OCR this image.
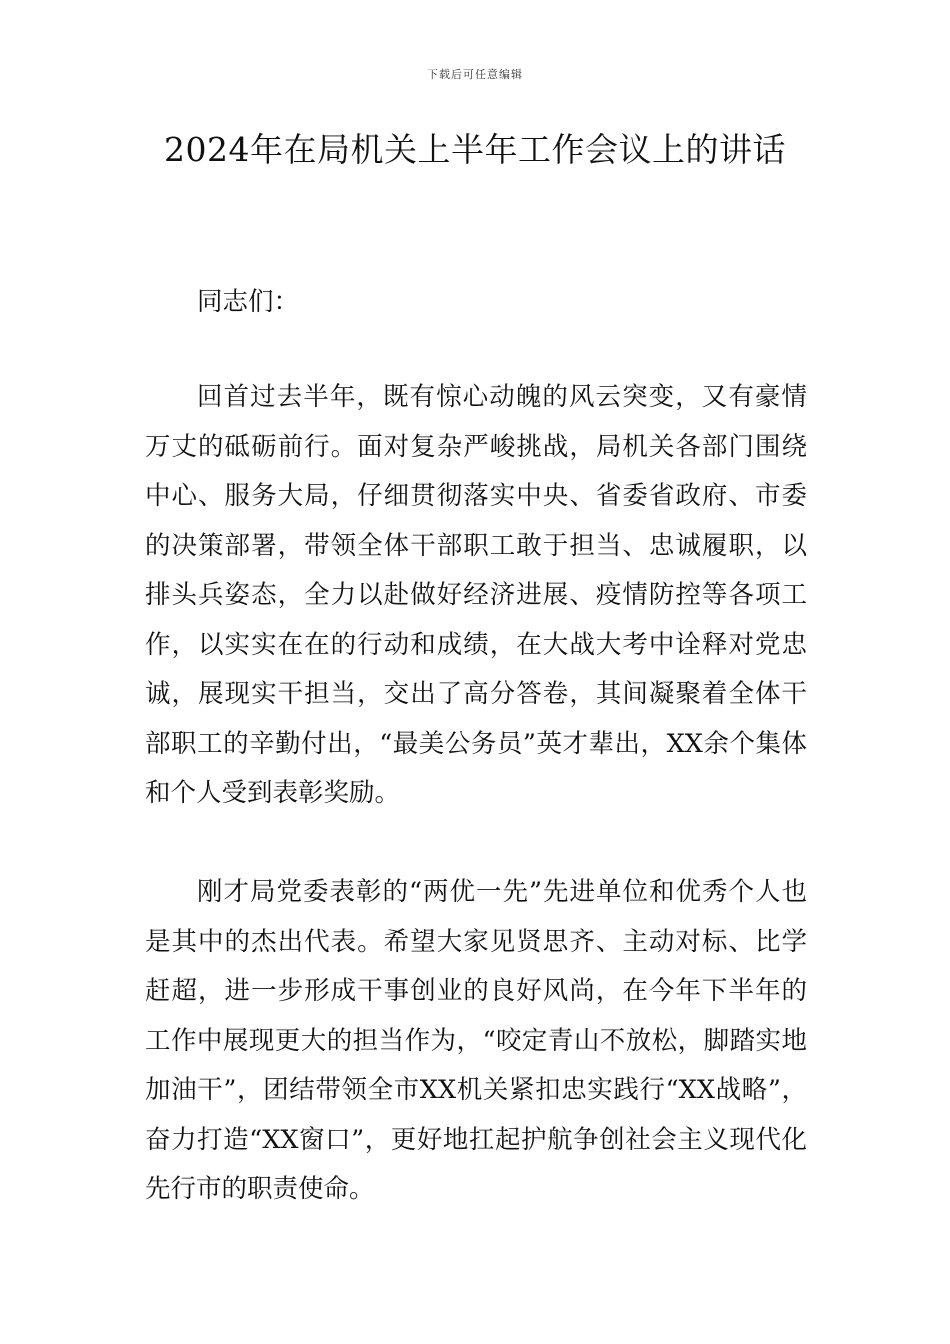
下载后可任意编辑
2024年在局机关上半年工作会议上的讲话

同志们：

回首过去半年，既有惊心动魄的风云突变，又有豪情万丈的砥砺前行。面对复杂严峻挑战，局机关各部门围绕中心、服务大局，仔细贯彻落实中央、省委省政府、市委的决策部署，带领全体干部职工敢于担当、忠诚履职，以排头兵姿态，全力以赴做好经济进展、疫情防控等各项工作，以实实在在的行动和成绩，在大战大考中诠释对党忠诚，展现实干担当，交出了高分答卷，其间凝聚着全体干部职工的辛勤付出，“最美公务员”英才辈出，XX余个集体和个人受到表彰奖励。

刚才局党委表彰的“两优一先”先进单位和优秀个人也是其中的杰出代表。希望大家见贤思齐、主动对标、比学赶超，进一步形成干事创业的良好风尚，在今年下半年的工作中展现更大的担当作为，“咬定青山不放松，脚踏实地加油干”，团结带领全市XX机关紧扣忠实践行“XX战略”，奋力打造“XX窗口”，更好地扛起护航争创社会主义现代化先行市的职责使命。
